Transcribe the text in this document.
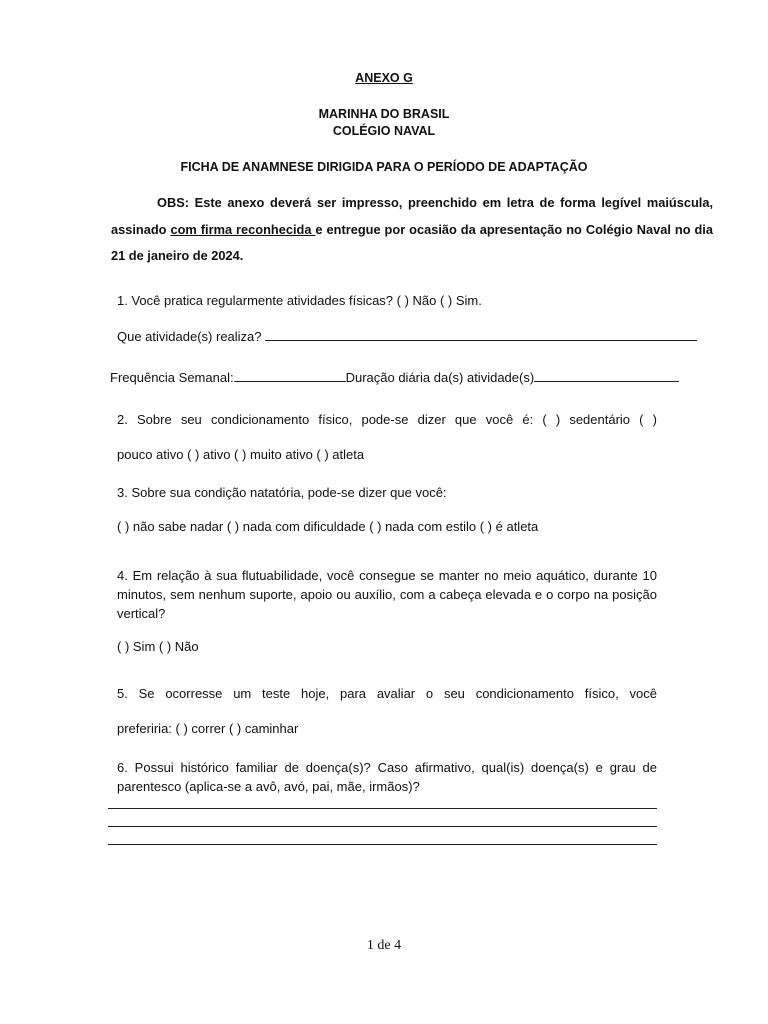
ANEXO G
MARINHA DO BRASIL
COLÉGIO NAVAL
FICHA DE ANAMNESE DIRIGIDA PARA O PERÍODO DE ADAPTAÇÃO
OBS: Este anexo deverá ser impresso, preenchido em letra de forma legível maiúscula, assinado com firma reconhecida e entregue por ocasião da apresentação no Colégio Naval no dia 21 de janeiro de 2024.
1. Você pratica regularmente atividades físicas? ( ) Não ( ) Sim.
Que atividade(s) realiza?
Frequência Semanal:	Duração diária da(s) atividade(s)
2. Sobre seu condicionamento físico, pode-se dizer que você é: ( ) sedentário ( )
pouco ativo ( ) ativo ( ) muito ativo ( ) atleta
3. Sobre sua condição natatória, pode-se dizer que você:
( ) não sabe nadar ( ) nada com dificuldade ( ) nada com estilo ( ) é atleta
4. Em relação à sua flutuabilidade, você consegue se manter no meio aquático, durante 10 minutos, sem nenhum suporte, apoio ou auxílio, com a cabeça elevada e o corpo na posição vertical?
( ) Sim ( ) Não
5. Se ocorresse um teste hoje, para avaliar o seu condicionamento físico, você
preferiria: ( ) correr ( ) caminhar
6. Possui histórico familiar de doença(s)? Caso afirmativo, qual(is) doença(s) e grau de parentesco (aplica-se a avô, avó, pai, mãe, irmãos)?
1 de 4
